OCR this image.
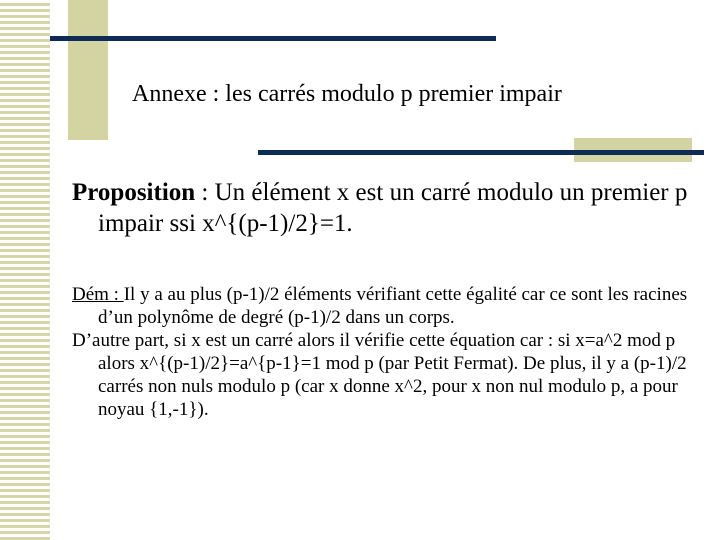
Annexe : les carrés modulo p premier impair
Proposition : Un élément x est un carré modulo un premier p impair ssi x^{(p-1)/2}=1.

Dém : Il y a au plus (p-1)/2 éléments vérifiant cette égalité car ce sont les racines d’un polynôme de degré (p-1)/2 dans un corps.

D’autre part, si x est un carré alors il vérifie cette équation car : si x=a^2 mod p alors x^{(p-1)/2}=a^{p-1}=1 mod p (par Petit Fermat). De plus, il y a (p-1)/2 carrés non nuls modulo p (car x donne x^2, pour x non nul modulo p, a pour noyau {1,-1}).
